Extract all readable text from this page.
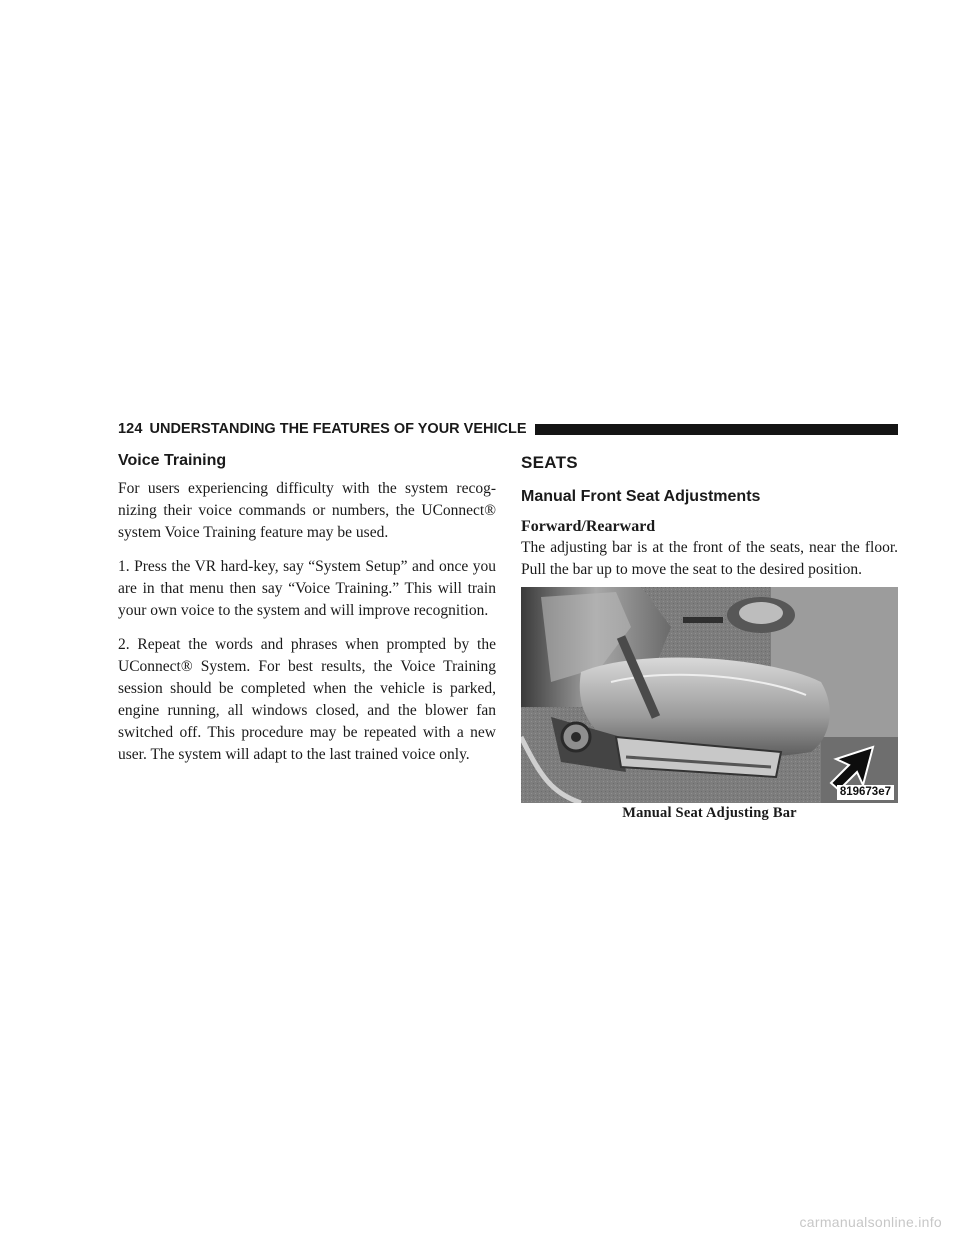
124 UNDERSTANDING THE FEATURES OF YOUR VEHICLE
Voice Training

For users experiencing difficulty with the system recog-nizing their voice commands or numbers, the UConnect® system Voice Training feature may be used.

1. Press the VR hard-key, say “System Setup” and once you are in that menu then say “Voice Training.” This will train your own voice to the system and will improve recognition.

2. Repeat the words and phrases when prompted by the UConnect® System. For best results, the Voice Training session should be completed when the vehicle is parked, engine running, all windows closed, and the blower fan switched off. This procedure may be repeated with a new user. The system will adapt to the last trained voice only.

SEATS
Manual Front Seat Adjustments
Forward/Rearward

The adjusting bar is at the front of the seats, near the floor. Pull the bar up to move the seat to the desired position.

819673e7
Manual Seat Adjusting Bar
carmanualsonline.info
